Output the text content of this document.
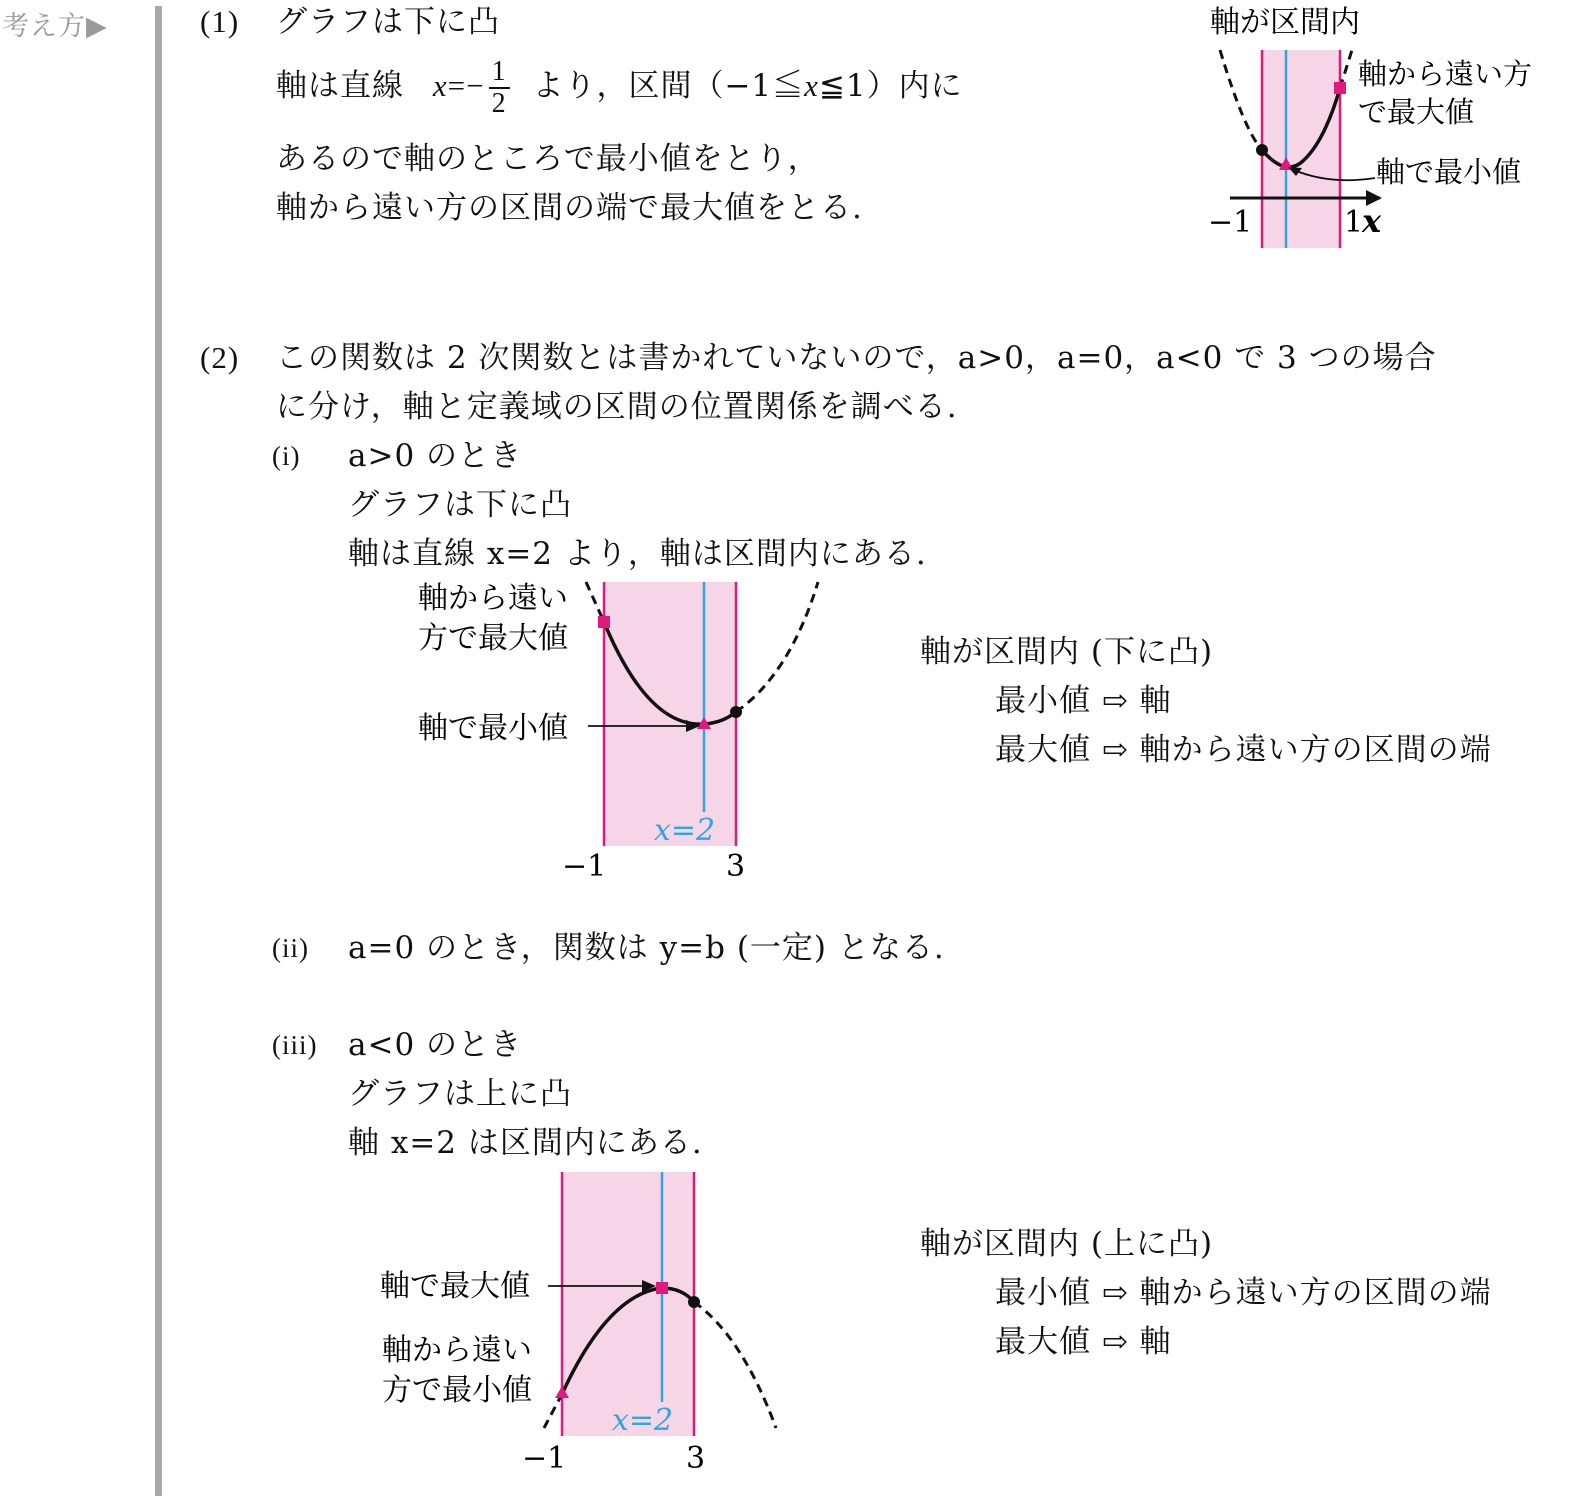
考え方▶	(1) グラフは下に凸
軸は直線 $x=- \frac{1}{2}$ より，区間（−1≦x≦1）内に
あるので軸のところで最小値をとり，
軸から遠い方の区間の端で最大値をとる.
軸が区間内
軸から遠い方
で最大値
軸で最小値
−1	1
x
(2) この関数は 2 次関数とは書かれていないので，a>0，a=0，a<0 で 3 つの場合
に分け，軸と定義域の区間の位置関係を調べる.
(i) a>0 のとき
グラフは下に凸
軸は直線 x=2 より，軸は区間内にある.
軸から遠い
方で最大値
軸で最小値
x=2
−1	3
軸が区間内 (下に凸)
最小値 ⇨ 軸
最大値 ⇨ 軸から遠い方の区間の端
(ii) a=0 のとき，関数は y=b (一定) となる.
(iii) a<0 のとき
グラフは上に凸
軸 x=2 は区間内にある.
軸で最大値
軸から遠い
方で最小値
x=2
−1	3
軸が区間内 (上に凸)
最小値 ⇨ 軸から遠い方の区間の端
最大値 ⇨ 軸
